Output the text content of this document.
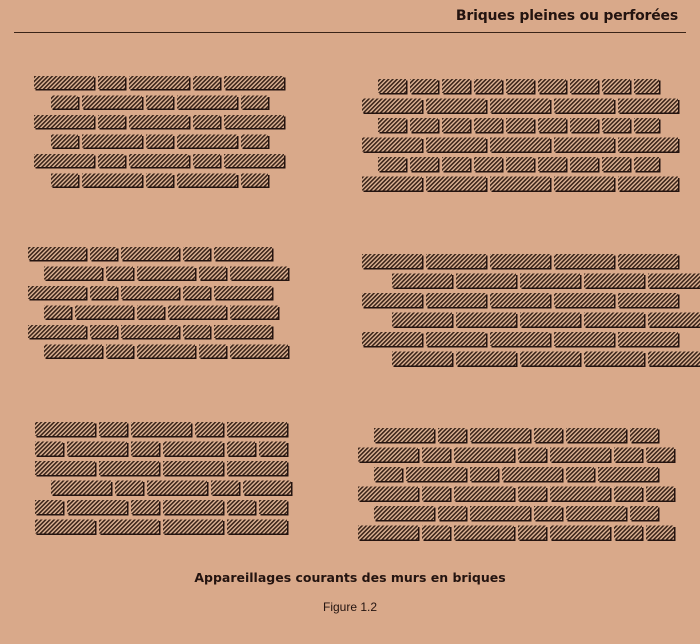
Briques pleines ou perforées
Appareillages courants des murs en briques
Figure 1.2
